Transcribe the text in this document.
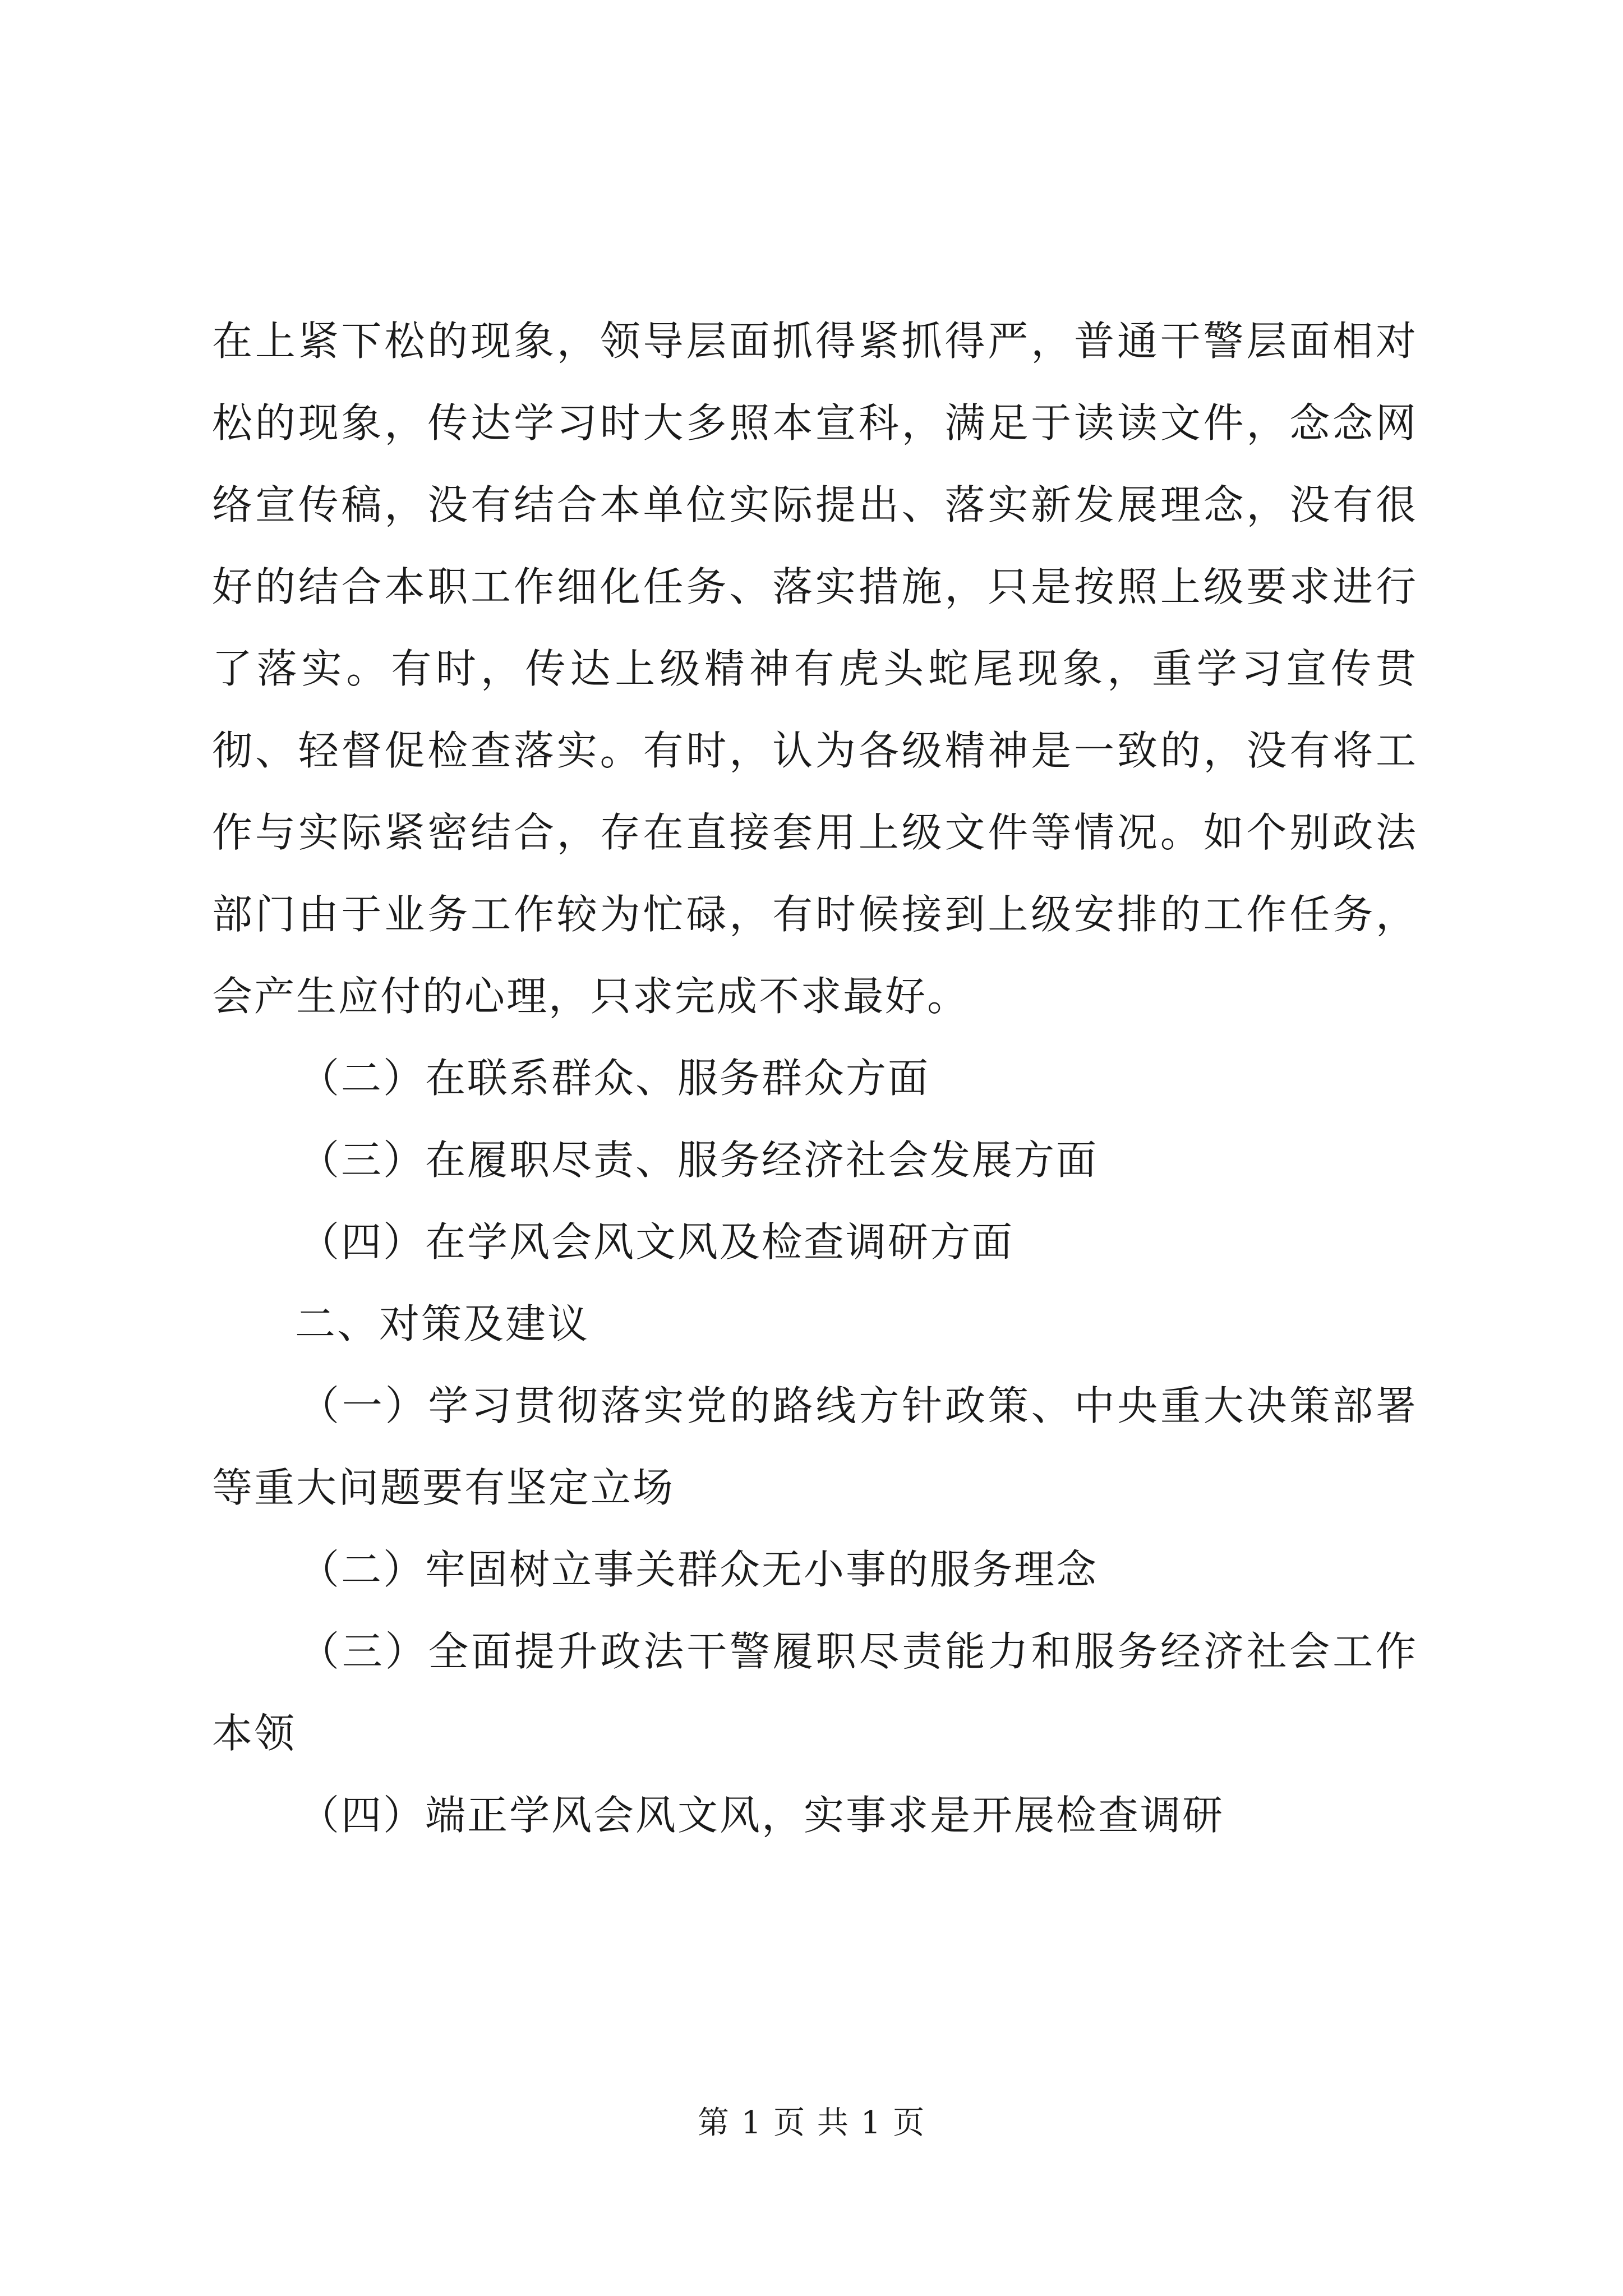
在上紧下松的现象，领导层面抓得紧抓得严，普通干警层面相对松的现象，传达学习时大多照本宣科，满足于读读文件，念念网络宣传稿，没有结合本单位实际提出、落实新发展理念，没有很好的结合本职工作细化任务、落实措施，只是按照上级要求进行了落实。有时，传达上级精神有虎头蛇尾现象，重学习宣传贯彻、轻督促检查落实。有时，认为各级精神是一致的，没有将工作与实际紧密结合，存在直接套用上级文件等情况。如个别政法部门由于业务工作较为忙碌，有时候接到上级安排的工作任务，会产生应付的心理，只求完成不求最好。

（二）在联系群众、服务群众方面

（三）在履职尽责、服务经济社会发展方面

（四）在学风会风文风及检查调研方面

二、对策及建议

（一）学习贯彻落实党的路线方针政策、中央重大决策部署等重大问题要有坚定立场

（二）牢固树立事关群众无小事的服务理念

（三）全面提升政法干警履职尽责能力和服务经济社会工作本领

（四）端正学风会风文风，实事求是开展检查调研

第 1 页 共 1 页
